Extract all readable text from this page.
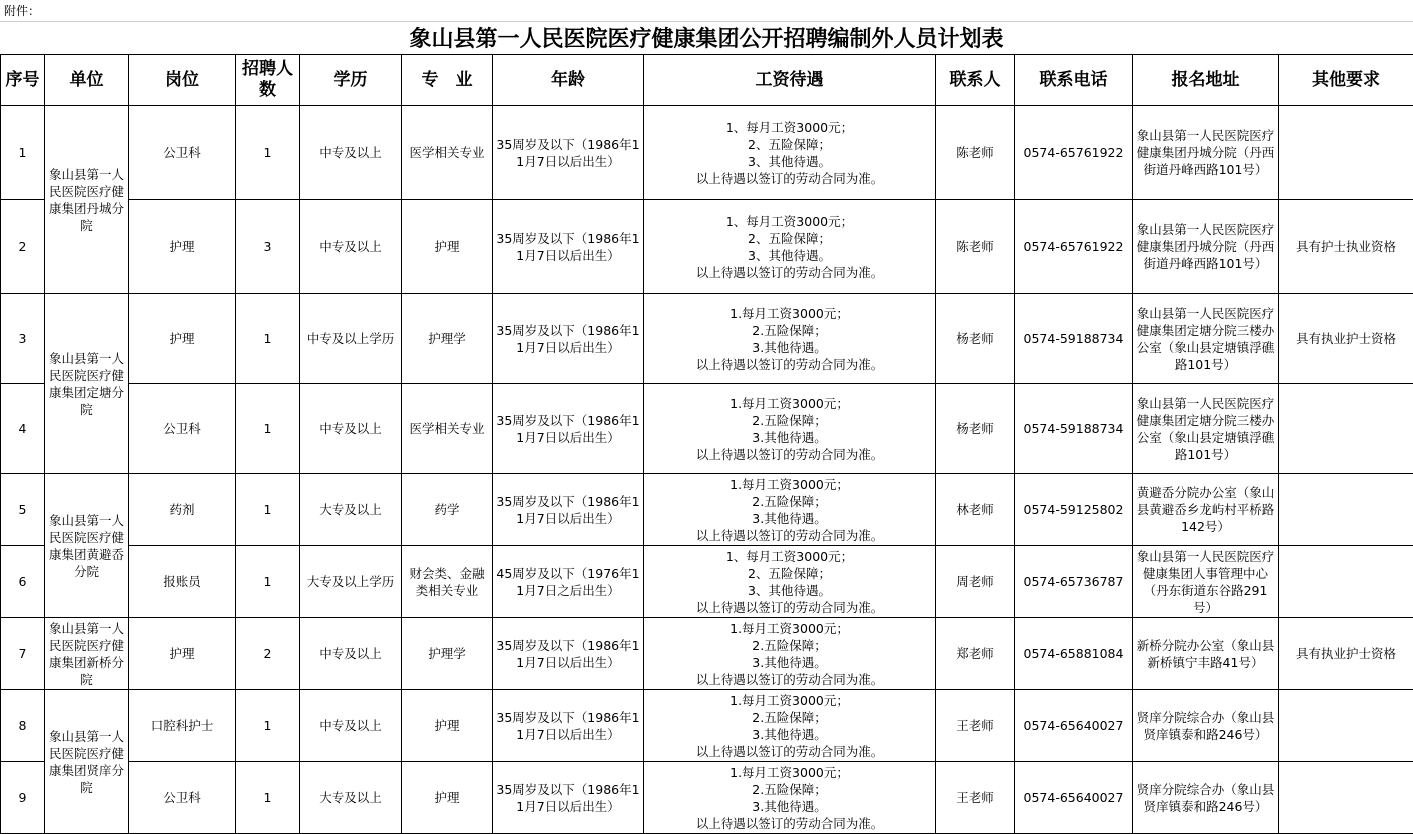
附件：
象山县第一人民医院医疗健康集团公开招聘编制外人员计划表
序号	单位	岗位	招聘人数	学历	专　业	年龄	工资待遇	联系人	联系电话	报名地址	其他要求
1	象山县第一人民医院医疗健康集团丹城分院	公卫科	1	中专及以上	医学相关专业	35周岁及以下（1986年11月7日以后出生）	1、每月工资3000元；
2、五险保障；
3、其他待遇。
以上待遇以签订的劳动合同为准。	陈老师	0574-65761922	象山县第一人民医院医疗健康集团丹城分院（丹西街道丹峰西路101号）	
2		护理	3	中专及以上	护理	35周岁及以下（1986年11月7日以后出生）	1、每月工资3000元；
2、五险保障；
3、其他待遇。
以上待遇以签订的劳动合同为准。	陈老师	0574-65761922	象山县第一人民医院医疗健康集团丹城分院（丹西街道丹峰西路101号）	具有护士执业资格
3	象山县第一人民医院医疗健康集团定塘分院	护理	1	中专及以上学历	护理学	35周岁及以下（1986年11月7日以后出生）	1.每月工资3000元；
2.五险保障；
3.其他待遇。
以上待遇以签订的劳动合同为准。	杨老师	0574-59188734	象山县第一人民医院医疗健康集团定塘分院三楼办公室（象山县定塘镇浮礁路101号）	具有执业护士资格
4		公卫科	1	中专及以上	医学相关专业	35周岁及以下（1986年11月7日以后出生）	1.每月工资3000元；
2.五险保障；
3.其他待遇。
以上待遇以签订的劳动合同为准。	杨老师	0574-59188734	象山县第一人民医院医疗健康集团定塘分院三楼办公室（象山县定塘镇浮礁路101号）	
5	象山县第一人民医院医疗健康集团黄避岙分院	药剂	1	大专及以上	药学	35周岁及以下（1986年11月7日以后出生）	1.每月工资3000元；
2.五险保障；
3.其他待遇。
以上待遇以签订的劳动合同为准。	林老师	0574-59125802	黄避岙分院办公室（象山县黄避岙乡龙屿村平桥路142号）	
6		报账员	1	大专及以上学历	财会类、金融类相关专业	45周岁及以下（1976年11月7日之后出生）	1、每月工资3000元；
2、五险保障；
3、其他待遇。
以上待遇以签订的劳动合同为准。	周老师	0574-65736787	象山县第一人民医院医疗健康集团人事管理中心（丹东街道东谷路291号）	
7	象山县第一人民医院医疗健康集团新桥分院	护理	2	中专及以上	护理学	35周岁及以下（1986年11月7日以后出生）	1.每月工资3000元；
2.五险保障；
3.其他待遇。
以上待遇以签订的劳动合同为准。	郑老师	0574-65881084	新桥分院办公室（象山县新桥镇宁丰路41号）	具有执业护士资格
8	象山县第一人民医院医疗健康集团贤庠分院	口腔科护士	1	中专及以上	护理	35周岁及以下（1986年11月7日以后出生）	1.每月工资3000元；
2.五险保障；
3.其他待遇。
以上待遇以签订的劳动合同为准。	王老师	0574-65640027	贤庠分院综合办（象山县贤庠镇泰和路246号）	
9		公卫科	1	大专及以上	护理	35周岁及以下（1986年11月7日以后出生）	1.每月工资3000元；
2.五险保障；
3.其他待遇。
以上待遇以签订的劳动合同为准。	王老师	0574-65640027	贤庠分院综合办（象山县贤庠镇泰和路246号）	
